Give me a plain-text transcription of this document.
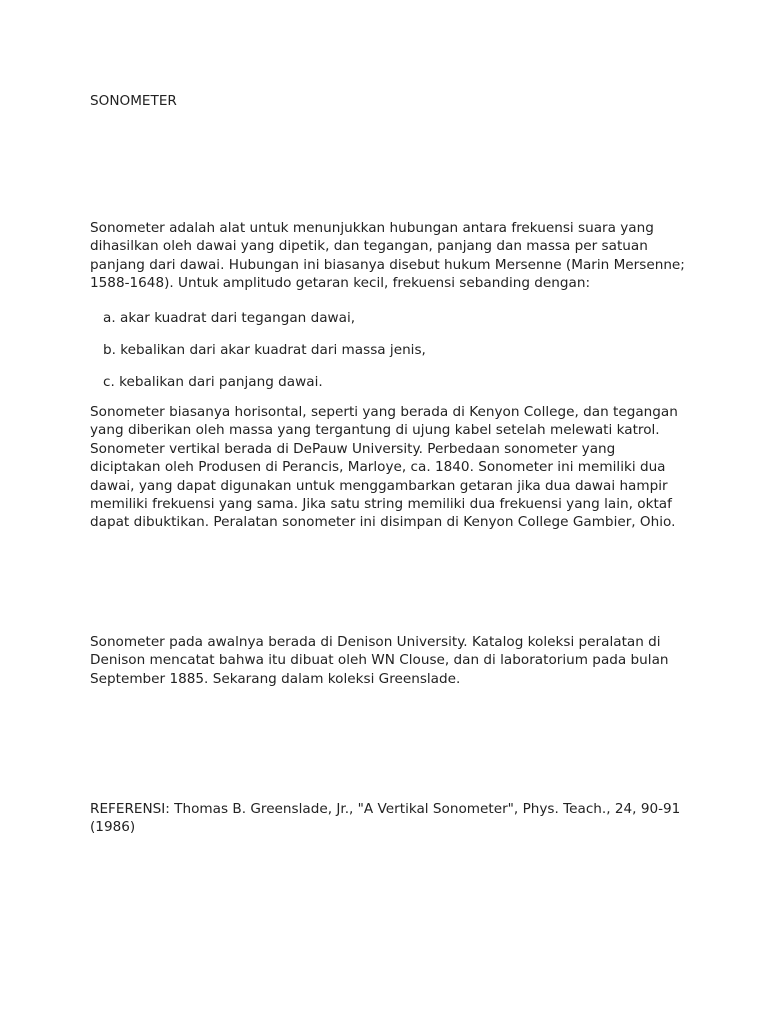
SONOMETER

Sonometer adalah alat untuk menunjukkan hubungan antara frekuensi suara yang dihasilkan oleh dawai yang dipetik, dan tegangan, panjang dan massa per satuan panjang dari dawai. Hubungan ini biasanya disebut hukum Mersenne (Marin Mersenne; 1588-1648). Untuk amplitudo getaran kecil, frekuensi sebanding dengan:

a. akar kuadrat dari tegangan dawai,

b. kebalikan dari akar kuadrat dari massa jenis,

c. kebalikan dari panjang dawai.

Sonometer biasanya horisontal, seperti yang berada di Kenyon College, dan tegangan yang diberikan oleh massa yang tergantung di ujung kabel setelah melewati katrol. Sonometer vertikal berada di DePauw University. Perbedaan sonometer yang diciptakan oleh Produsen di Perancis, Marloye, ca. 1840. Sonometer ini memiliki dua dawai, yang dapat digunakan untuk menggambarkan getaran jika dua dawai hampir memiliki frekuensi yang sama. Jika satu string memiliki dua frekuensi yang lain, oktaf dapat dibuktikan. Peralatan sonometer ini disimpan di Kenyon College Gambier, Ohio.

Sonometer pada awalnya berada di Denison University. Katalog koleksi peralatan di Denison mencatat bahwa itu dibuat oleh WN Clouse, dan di laboratorium pada bulan September 1885. Sekarang dalam koleksi Greenslade.

REFERENSI: Thomas B. Greenslade, Jr., "A Vertikal Sonometer", Phys. Teach., 24, 90-91 (1986)
